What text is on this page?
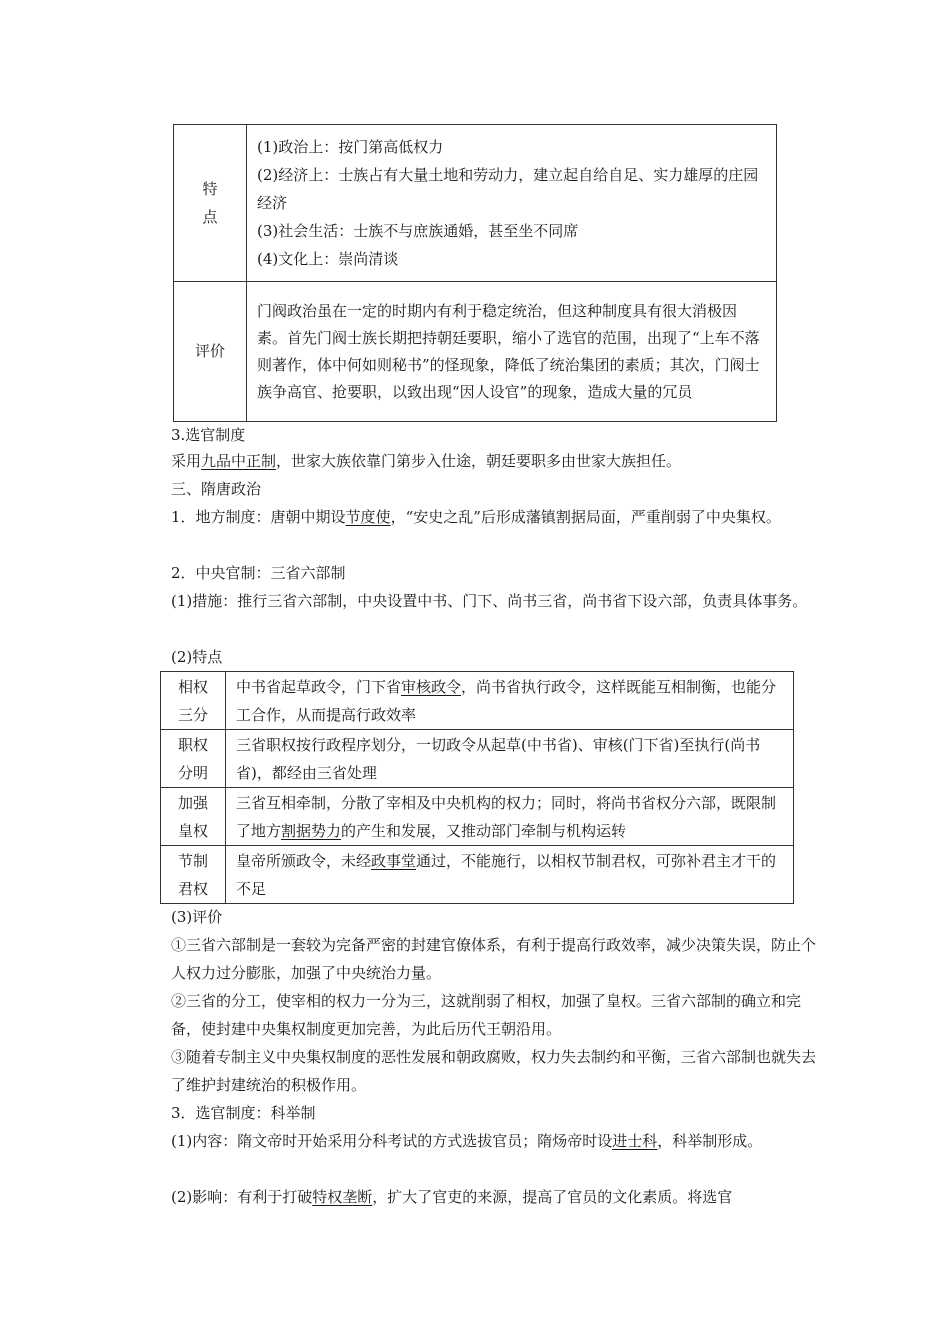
特
点	(1)政治上：按门第高低权力
(2)经济上：士族占有大量土地和劳动力，建立起自给自足、实力雄厚的庄园经济
(3)社会生活：士族不与庶族通婚，甚至坐不同席
(4)文化上：崇尚清谈

评价	门阀政治虽在一定的时期内有利于稳定统治，但这种制度具有很大消极因素。首先门阀士族长期把持朝廷要职，缩小了选官的范围，出现了“上车不落则著作，体中何如则秘书”的怪现象，降低了统治集团的素质；其次，门阀士族争高官、抢要职，以致出现“因人设官”的现象，造成大量的冗员

3.选官制度

采用九品中正制，世家大族依靠门第步入仕途，朝廷要职多由世家大族担任。

三、隋唐政治

1．地方制度：唐朝中期设节度使，“安史之乱”后形成藩镇割据局面，严重削弱了中央集权。

2．中央官制：三省六部制

(1)措施：推行三省六部制，中央设置中书、门下、尚书三省，尚书省下设六部，负责具体事务。

(2)特点

相权
三分	中书省起草政令，门下省审核政令，尚书省执行政令，这样既能互相制衡，也能分工合作，从而提高行政效率
职权
分明	三省职权按行政程序划分，一切政令从起草(中书省)、审核(门下省)至执行(尚书省)，都经由三省处理
加强
皇权	三省互相牵制，分散了宰相及中央机构的权力；同时，将尚书省权分六部，既限制了地方割据势力的产生和发展，又推动部门牵制与机构运转
节制
君权	皇帝所颁政令，未经政事堂通过，不能施行，以相权节制君权，可弥补君主才干的不足

(3)评价

①三省六部制是一套较为完备严密的封建官僚体系，有利于提高行政效率，减少决策失误，防止个人权力过分膨胀，加强了中央统治力量。

②三省的分工，使宰相的权力一分为三，这就削弱了相权，加强了皇权。三省六部制的确立和完备，使封建中央集权制度更加完善，为此后历代王朝沿用。

③随着专制主义中央集权制度的恶性发展和朝政腐败，权力失去制约和平衡，三省六部制也就失去了维护封建统治的积极作用。

3．选官制度：科举制

(1)内容：隋文帝时开始采用分科考试的方式选拔官员；隋炀帝时设进士科，科举制形成。

(2)影响：有利于打破特权垄断，扩大了官吏的来源，提高了官员的文化素质。将选官
